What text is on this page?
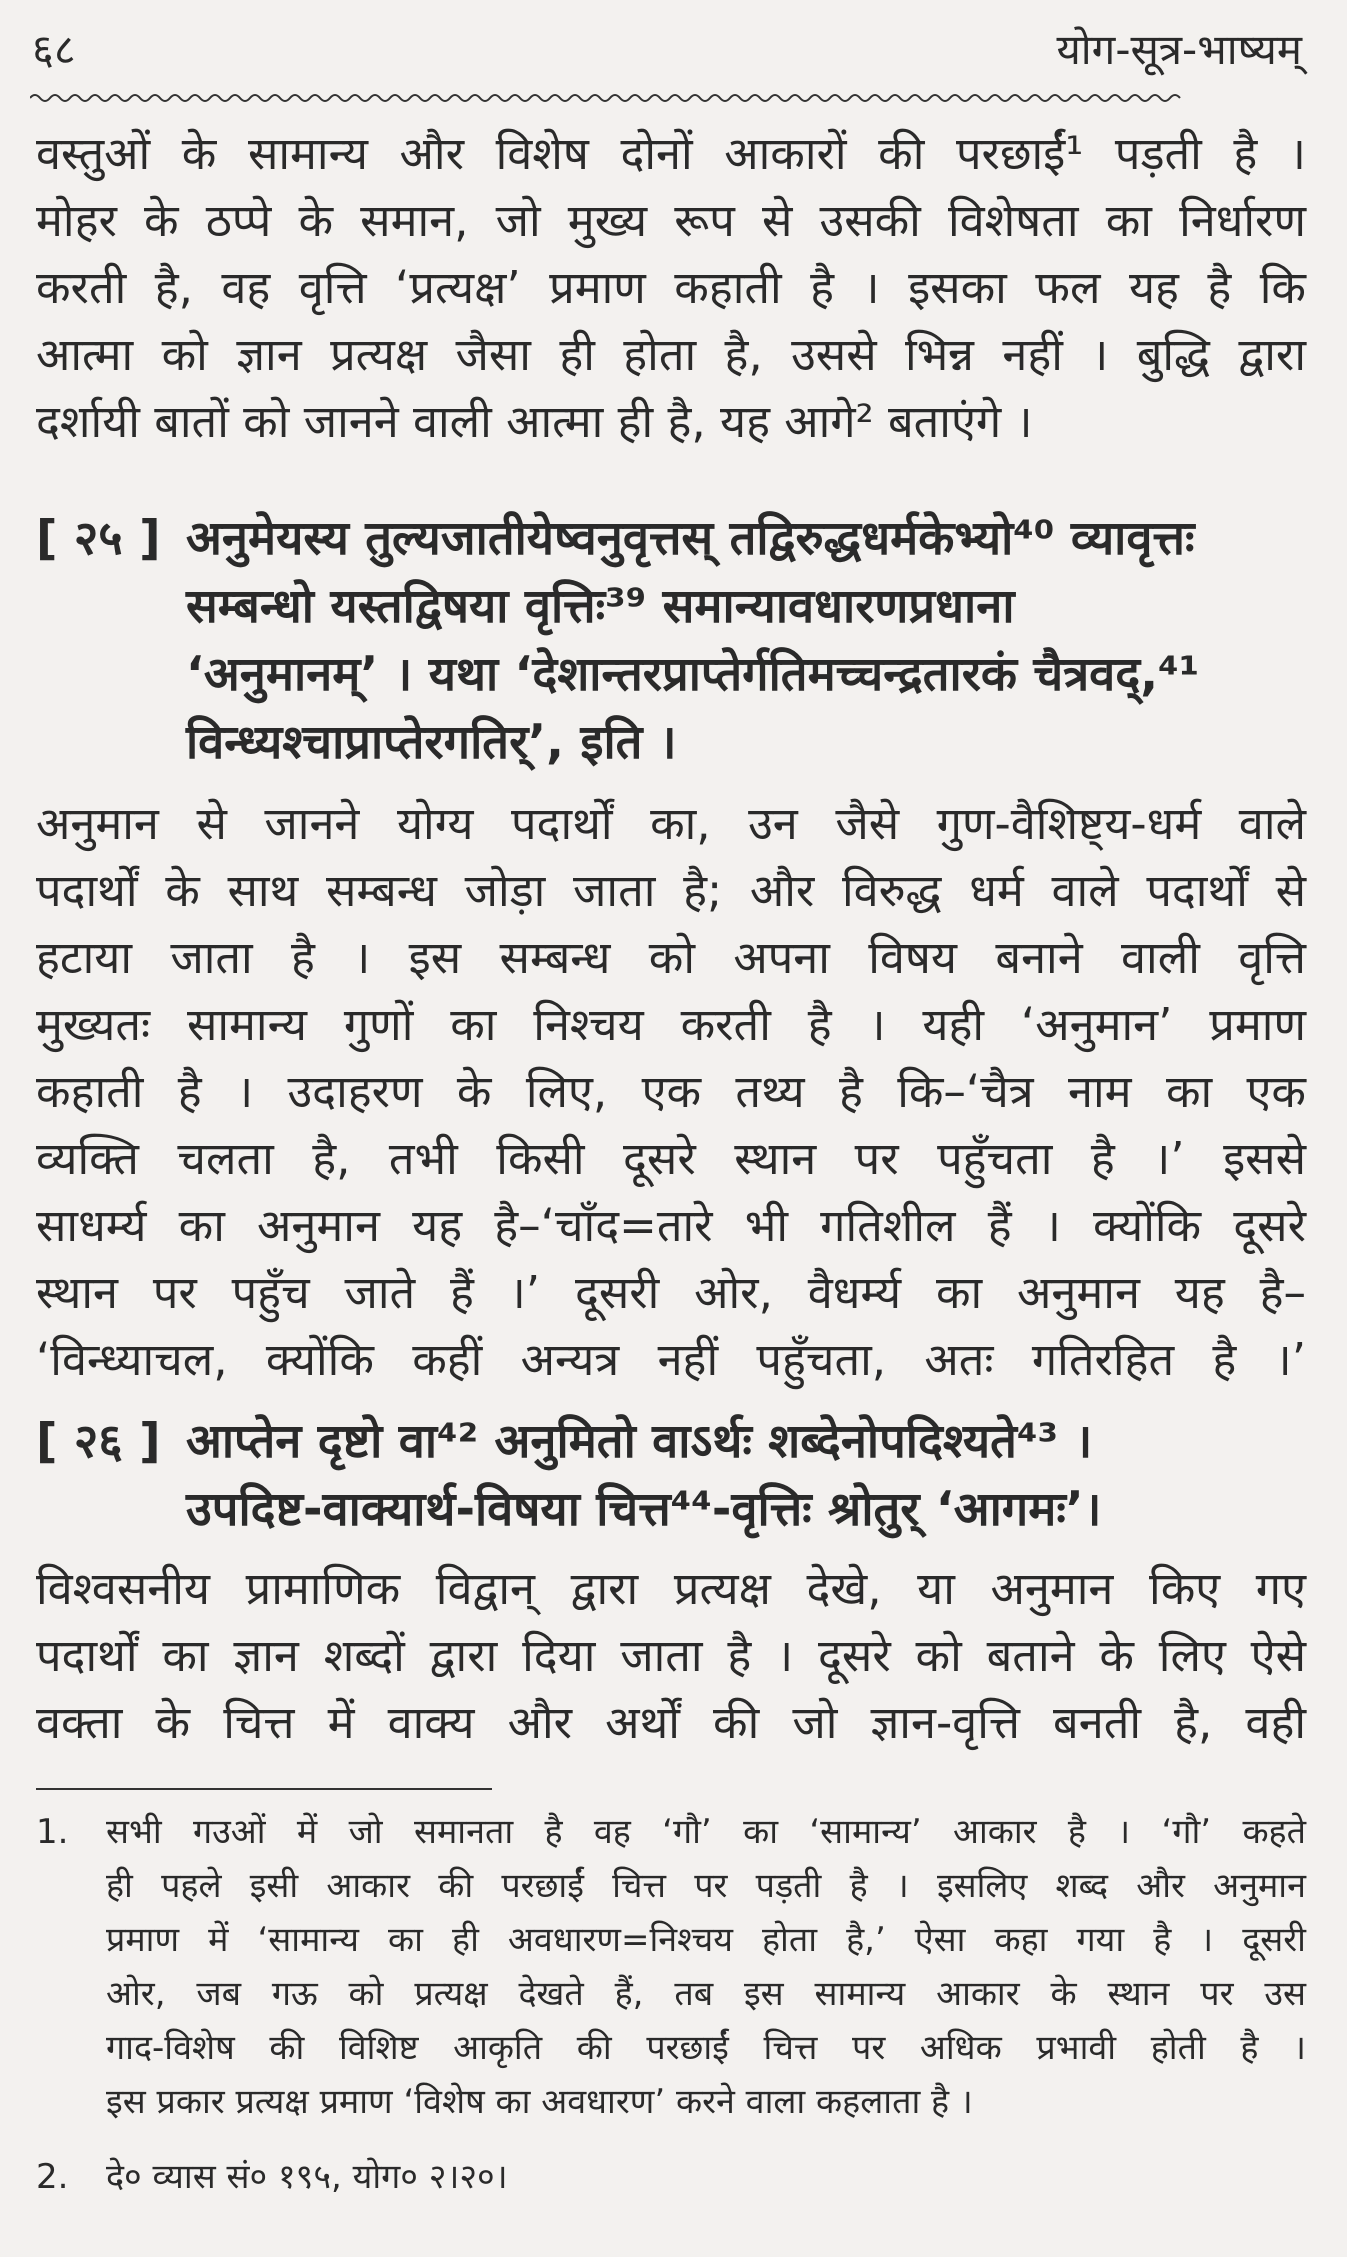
६८	योग-सूत्र-भाष्यम्
वस्तुओं के सामान्य और विशेष दोनों आकारों की परछाईं¹ पड़ती है ।
मोहर के ठप्पे के समान, जो मुख्य रूप से उसकी विशेषता का निर्धारण
करती है, वह वृत्ति ‘प्रत्यक्ष’ प्रमाण कहाती है । इसका फल यह है कि
आत्मा को ज्ञान प्रत्यक्ष जैसा ही होता है, उससे भिन्न नहीं । बुद्धि द्वारा
दर्शायी बातों को जानने वाली आत्मा ही है, यह आगे² बताएंगे ।
[ २५ ] अनुमेयस्य तुल्यजातीयेष्वनुवृत्तस् तद्विरुद्धधर्मकेभ्यो⁴⁰ व्यावृत्तः
सम्बन्धो यस्तद्विषया वृत्तिः³⁹ समान्यावधारणप्रधाना
‘अनुमानम्’ । यथा ‘देशान्तरप्राप्तेर्गतिमच्चन्द्रतारकं चैत्रवद्,⁴¹
विन्ध्यश्चाप्राप्तेरगतिर्’, इति ।
अनुमान से जानने योग्य पदार्थों का, उन जैसे गुण-वैशिष्ट्य-धर्म वाले
पदार्थों के साथ सम्बन्ध जोड़ा जाता है; और विरुद्ध धर्म वाले पदार्थों से
हटाया जाता है । इस सम्बन्ध को अपना विषय बनाने वाली वृत्ति
मुख्यतः सामान्य गुणों का निश्चय करती है । यही ‘अनुमान’ प्रमाण
कहाती है । उदाहरण के लिए, एक तथ्य है कि–‘चैत्र नाम का एक
व्यक्ति चलता है, तभी किसी दूसरे स्थान पर पहुँचता है ।’ इससे
साधर्म्य का अनुमान यह है–‘चाँद=तारे भी गतिशील हैं । क्योंकि दूसरे
स्थान पर पहुँच जाते हैं ।’ दूसरी ओर, वैधर्म्य का अनुमान यह है–
‘विन्ध्याचल, क्योंकि कहीं अन्यत्र नहीं पहुँचता, अतः गतिरहित है ।’
[ २६ ] आप्तेन दृष्टो वा⁴² अनुमितो वाऽर्थः शब्देनोपदिश्यते⁴³ ।
उपदिष्ट-वाक्यार्थ-विषया चित्त⁴⁴-वृत्तिः श्रोतुर् ‘आगमः’।
विश्वसनीय प्रामाणिक विद्वान् द्वारा प्रत्यक्ष देखे, या अनुमान किए गए
पदार्थों का ज्ञान शब्दों द्वारा दिया जाता है । दूसरे को बताने के लिए ऐसे
वक्ता के चित्त में वाक्य और अर्थों की जो ज्ञान-वृत्ति बनती है, वही
1. सभी गउओं में जो समानता है वह ‘गौ’ का ‘सामान्य’ आकार है । ‘गौ’ कहते
ही पहले इसी आकार की परछाईं चित्त पर पड़ती है । इसलिए शब्द और अनुमान
प्रमाण में ‘सामान्य का ही अवधारण=निश्चय होता है,’ ऐसा कहा गया है । दूसरी
ओर, जब गऊ को प्रत्यक्ष देखते हैं, तब इस सामान्य आकार के स्थान पर उस
गाद-विशेष की विशिष्ट आकृति की परछाईं चित्त पर अधिक प्रभावी होती है ।
इस प्रकार प्रत्यक्ष प्रमाण ‘विशेष का अवधारण’ करने वाला कहलाता है ।
2. दे० व्यास सं० १९५, योग० २।२०।
